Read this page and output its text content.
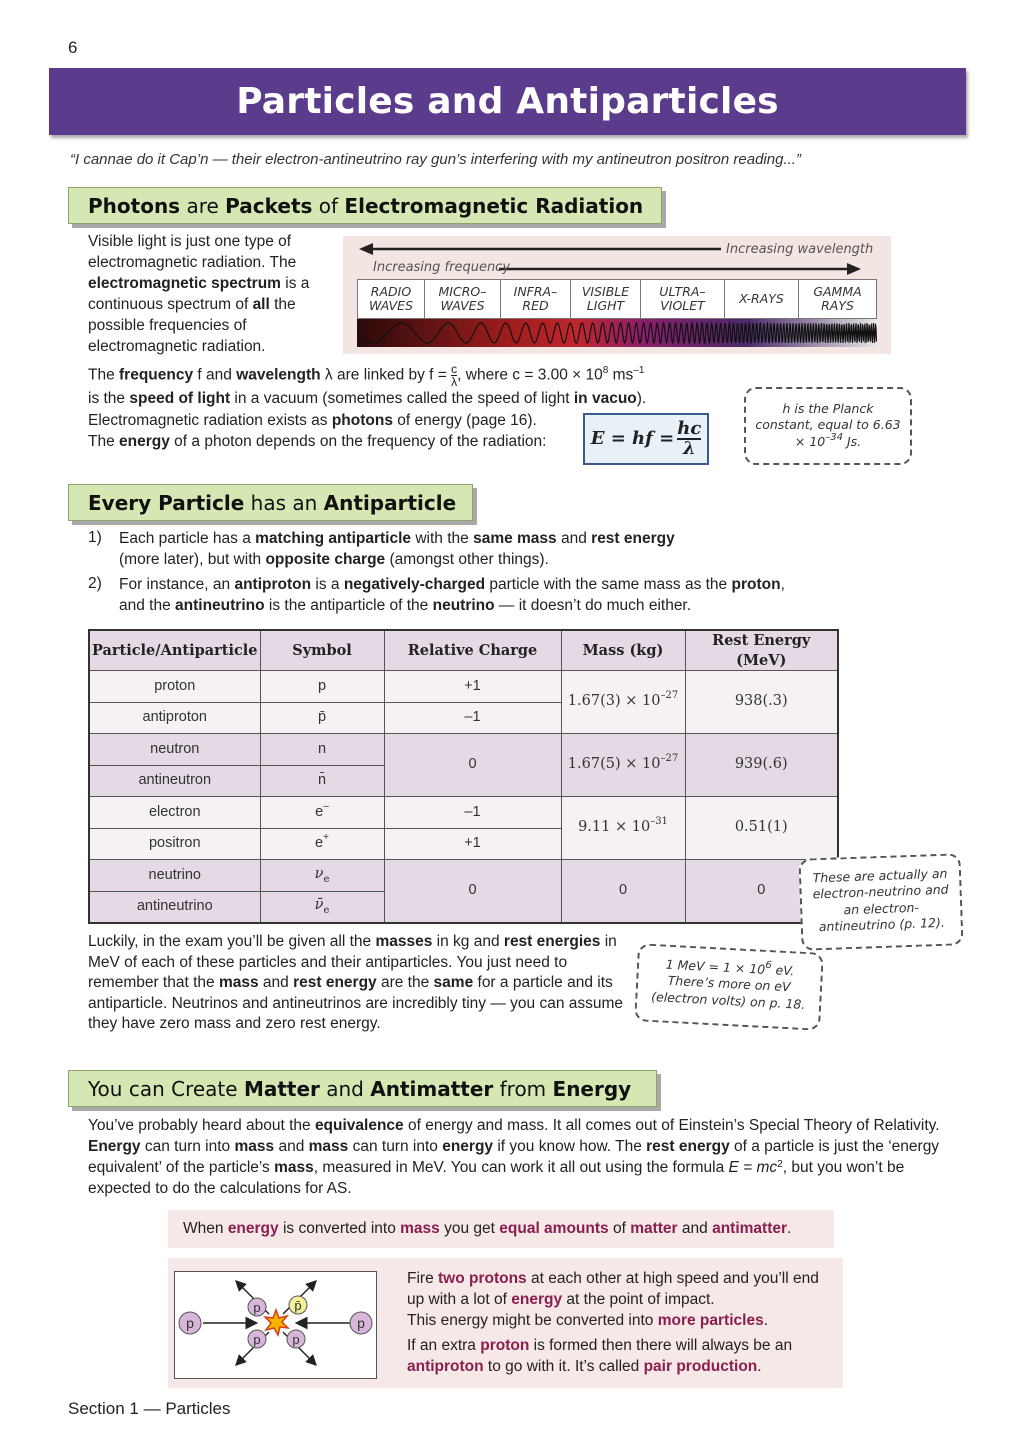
6
Particles and Antiparticles
“I cannae do it Cap’n — their electron-antineutrino ray gun’s interfering with my antineutron positron reading...”
Photons are Packets of Electromagnetic Radiation
Visible light is just one type of electromagnetic radiation. The electromagnetic spectrum is a continuous spectrum of all the possible frequencies of electromagnetic radiation.
Increasing wavelength
Increasing frequency
RADIO WAVES
MICRO– WAVES
INFRA– RED
VISIBLE LIGHT
ULTRA– VIOLET	X-RAYS	GAMMA RAYS
The frequency f and wavelength λ are linked by $f = \frac{c}{\lambda}$ , where $c = 3.00 \times 10^8$ $ms^{-1}$
is the speed of light in a vacuum (sometimes called the speed of light in vacuo).
Electromagnetic radiation exists as photons of energy (page 16).
The energy of a photon depends on the frequency of the radiation:	E = hf = $\frac{hc}{\lambda}$
h is the Planck constant, equal to $6.63 \times 10^{-34}$ Js.
Every Particle has an Antiparticle
1)	Each particle has a matching antiparticle with the same mass and rest energy
(more later), but with opposite charge (amongst other things).
2)	For instance, an antiproton is a negatively-charged particle with the same mass as the proton,
and the antineutrino is the antiparticle of the neutrino — it doesn’t do much either.
Particle/Antiparticle	Symbol	Relative Charge	Mass (kg)	Rest Energy (MeV)
proton	p	+1	$1.67(3) \times 10^{-27}$	938(.3)
antiproton	p̄	–1		
neutron	n	0	$1.67(5) \times 10^{-27}$	939(.6)
antineutron	n̄			
electron	e–	–1	$9.11 \times 10^{-31}$	0.51(1)
positron	e+	+1		
neutrino	$\nu_e$	0	0	0
antineutrino	$\nū_e$
These are actually an electron-neutrino and an electron-antineutrino (p. 12).
Luckily, in the exam you’ll be given all the masses in kg and rest energies in MeV of each of these particles and their antiparticles. You just need to remember that the mass and rest energy are the same for a particle and its antiparticle. Neutrinos and antineutrinos are incredibly tiny — you can assume they have zero mass and zero rest energy.
1 MeV = $1 \times 10^6$ eV. There’s more on eV (electron volts) on p. 18.
You can Create Matter and Antimatter from Energy
You’ve probably heard about the equivalence of energy and mass. It all comes out of Einstein’s Special Theory of Relativity. Energy can turn into mass and mass can turn into energy if you know how. The rest energy of a particle is just the ‘energy equivalent’ of the particle’s mass, measured in MeV. You can work it all out using the formula $E = mc^2$, but you won’t be expected to do the calculations for AS.
When energy is converted into mass you get equal amounts of matter and antimatter.
p	p
p	p̄
p p
Fire two protons at each other at high speed and you’ll end up with a lot of energy at the point of impact.
This energy might be converted into more particles.
If an extra proton is formed then there will always be an antiproton to go with it. It’s called pair production.
Section 1 — Particles
